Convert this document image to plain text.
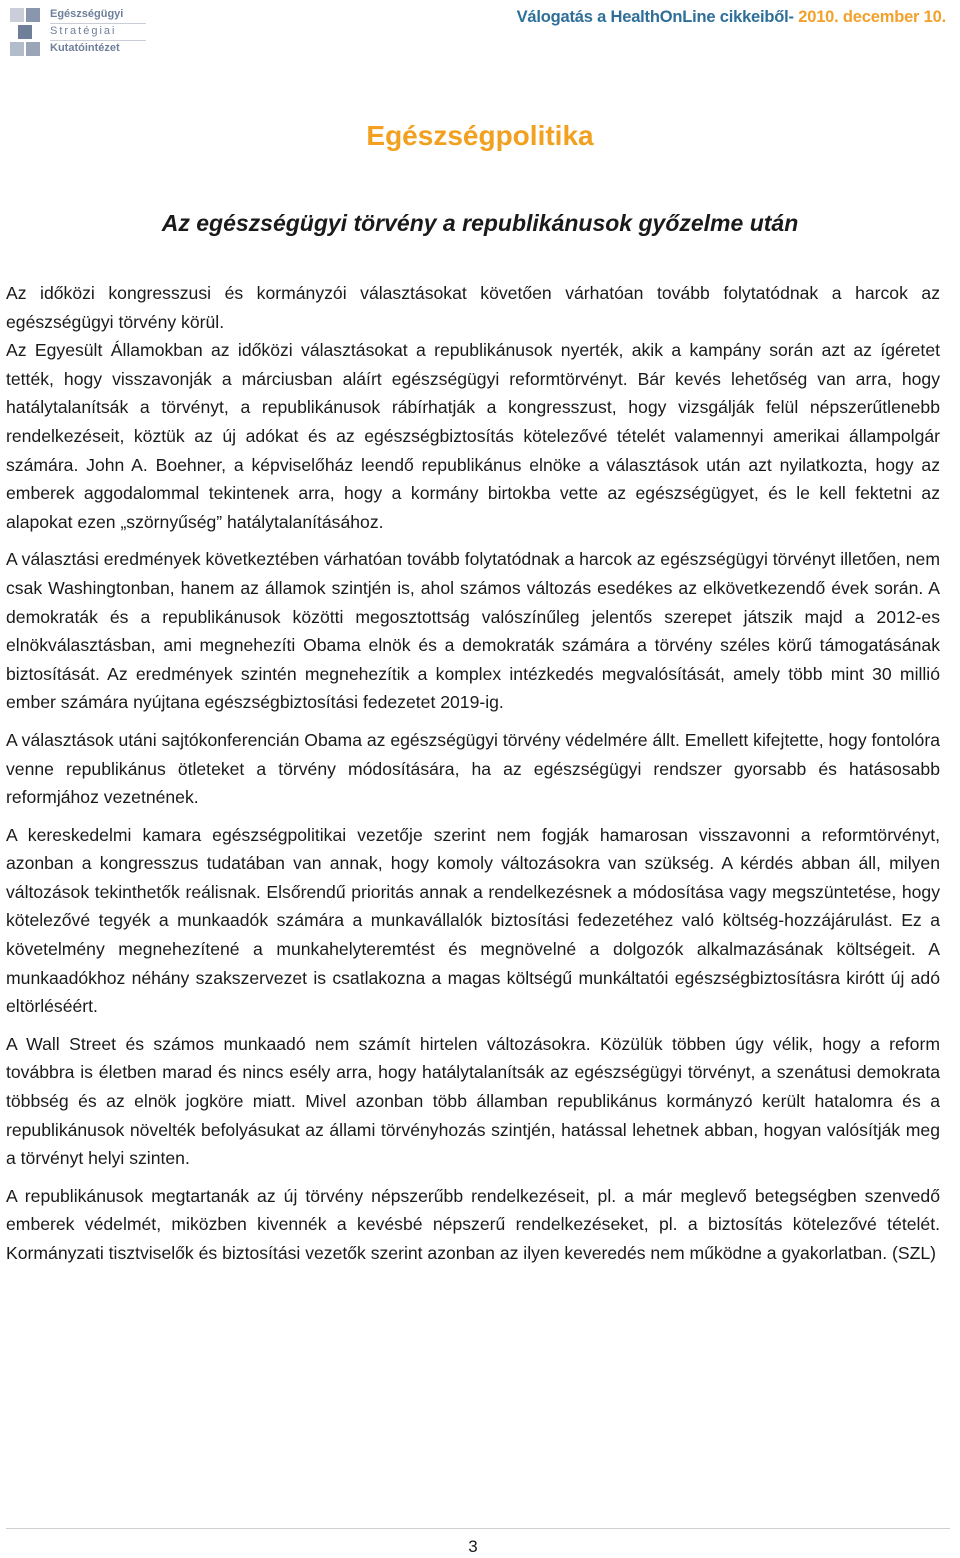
Egészségügyi
Stratégiai
Kutatóintézet
Válogatás a HealthOnLine cikkeiből- 2010. december 10.
Egészségpolitika
Az egészségügyi törvény a republikánusok győzelme után

Az időközi kongresszusi és kormányzói választásokat követően várhatóan tovább folytatódnak a harcok az egészségügyi törvény körül.

Az Egyesült Államokban az időközi választásokat a republikánusok nyerték, akik a kampány során azt az ígéretet tették, hogy visszavonják a márciusban aláírt egészségügyi reformtörvényt. Bár kevés lehetőség van arra, hogy hatálytalanítsák a törvényt, a republikánusok rábírhatják a kongresszust, hogy vizsgálják felül népszerűtlenebb rendelkezéseit, köztük az új adókat és az egészségbiztosítás kötelezővé tételét valamennyi amerikai állampolgár számára. John A. Boehner, a képviselőház leendő republikánus elnöke a választások után azt nyilatkozta, hogy az emberek aggodalommal tekintenek arra, hogy a kormány birtokba vette az egészségügyet, és le kell fektetni az alapokat ezen „szörnyűség” hatálytalanításához.

A választási eredmények következtében várhatóan tovább folytatódnak a harcok az egészségügyi törvényt illetően, nem csak Washingtonban, hanem az államok szintjén is, ahol számos változás esedékes az elkövetkezendő évek során. A demokraták és a republikánusok közötti megosztottság valószínűleg jelentős szerepet játszik majd a 2012-es elnökválasztásban, ami megnehezíti Obama elnök és a demokraták számára a törvény széles körű támogatásának biztosítását. Az eredmények szintén megnehezítik a komplex intézkedés megvalósítását, amely több mint 30 millió ember számára nyújtana egészségbiztosítási fedezetet 2019-ig.

A választások utáni sajtókonferencián Obama az egészségügyi törvény védelmére állt. Emellett kifejtette, hogy fontolóra venne republikánus ötleteket a törvény módosítására, ha az egészségügyi rendszer gyorsabb és hatásosabb reformjához vezetnének.

A kereskedelmi kamara egészségpolitikai vezetője szerint nem fogják hamarosan visszavonni a reformtörvényt, azonban a kongresszus tudatában van annak, hogy komoly változásokra van szükség. A kérdés abban áll, milyen változások tekinthetők reálisnak. Elsőrendű prioritás annak a rendelkezésnek a módosítása vagy megszüntetése, hogy kötelezővé tegyék a munkaadók számára a munkavállalók biztosítási fedezetéhez való költség-hozzájárulást. Ez a követelmény megnehezítené a munkahelyteremtést és megnövelné a dolgozók alkalmazásának költségeit. A munkaadókhoz néhány szakszervezet is csatlakozna a magas költségű munkáltatói egészségbiztosításra kirótt új adó eltörléséért.

A Wall Street és számos munkaadó nem számít hirtelen változásokra. Közülük többen úgy vélik, hogy a reform továbbra is életben marad és nincs esély arra, hogy hatálytalanítsák az egészségügyi törvényt, a szenátusi demokrata többség és az elnök jogköre miatt. Mivel azonban több államban republikánus kormányzó került hatalomra és a republikánusok növelték befolyásukat az állami törvényhozás szintjén, hatással lehetnek abban, hogyan valósítják meg a törvényt helyi szinten.

A republikánusok megtartanák az új törvény népszerűbb rendelkezéseit, pl. a már meglevő betegségben szenvedő emberek védelmét, miközben kivennék a kevésbé népszerű rendelkezéseket, pl. a biztosítás kötelezővé tételét. Kormányzati tisztviselők és biztosítási vezetők szerint azonban az ilyen keveredés nem működne a gyakorlatban. (SZL)

3
